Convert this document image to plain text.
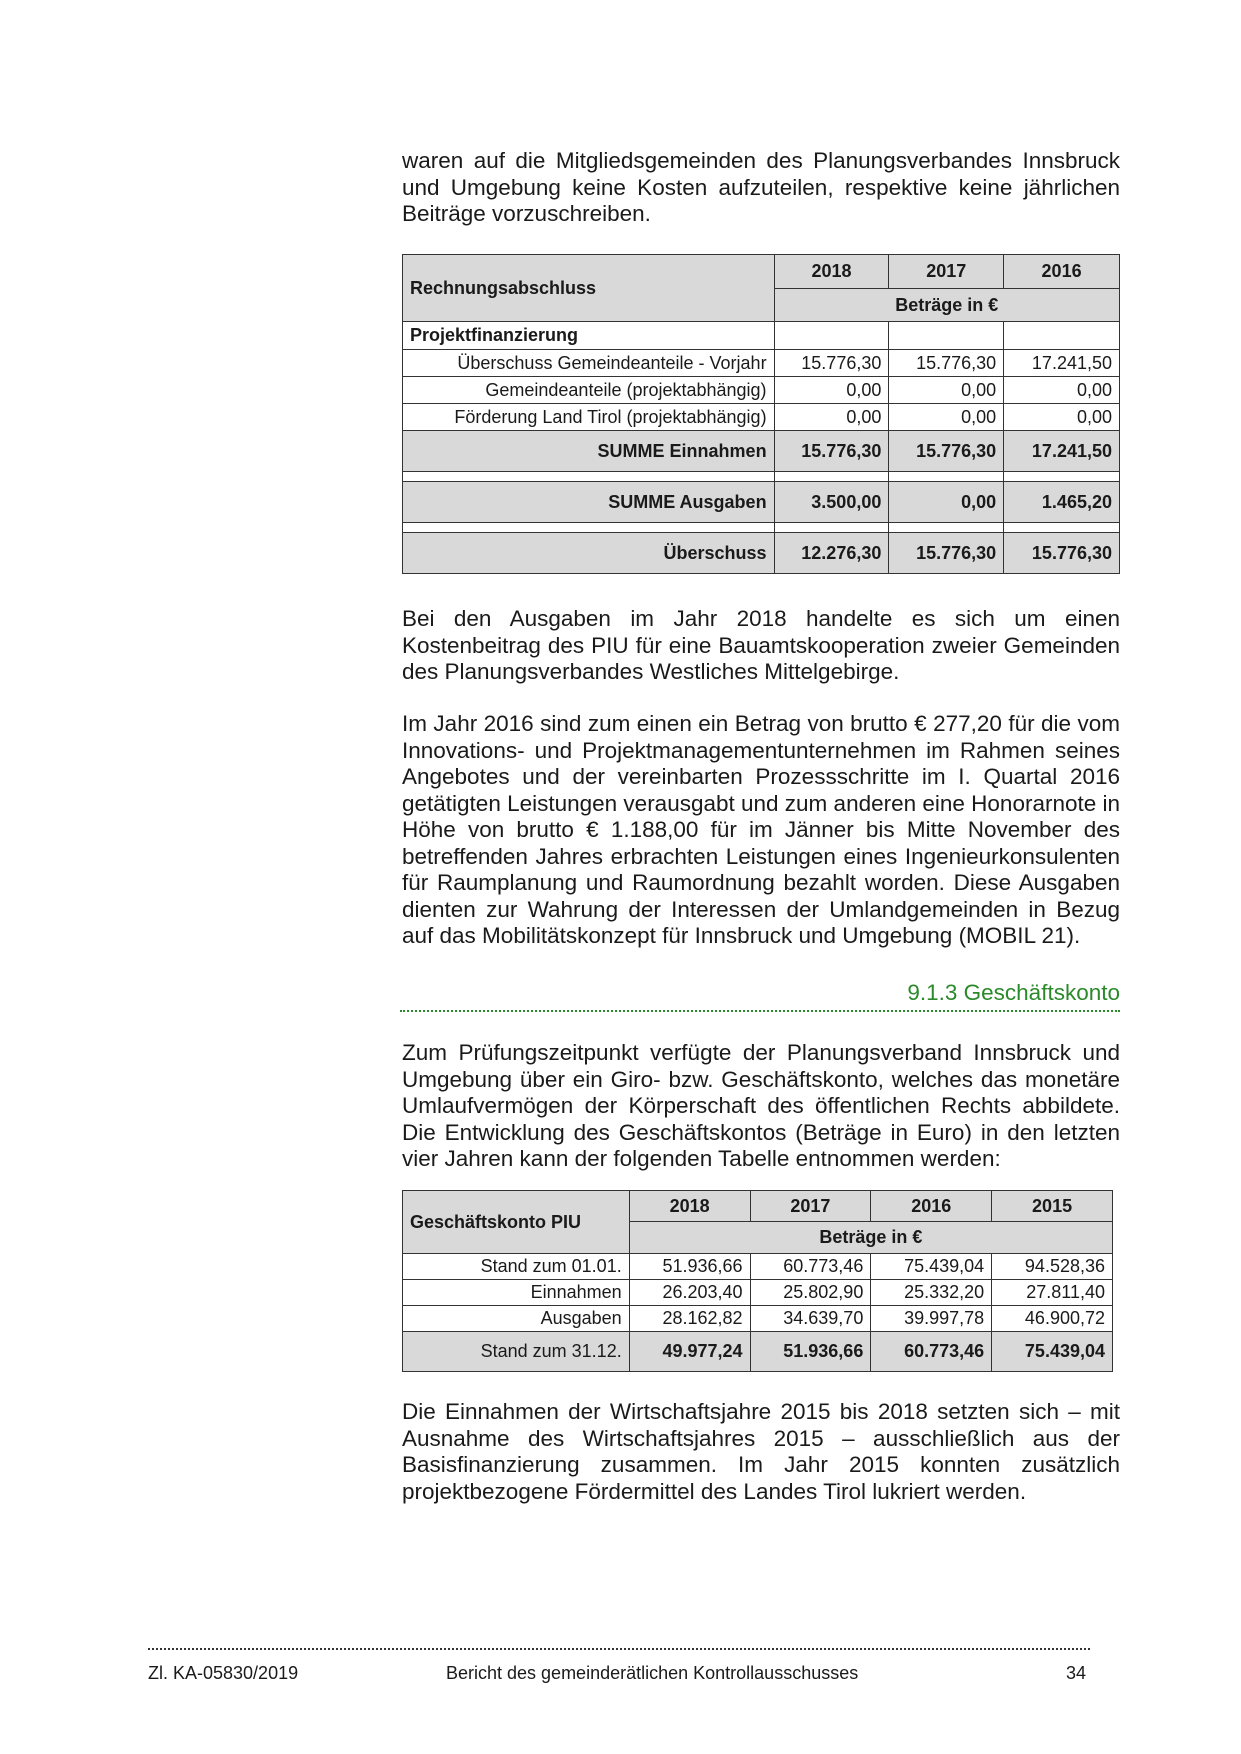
waren auf die Mitgliedsgemeinden des Planungsverbandes Innsbruck und Umgebung keine Kosten aufzuteilen, respektive keine jährlichen Beiträge vorzuschreiben.

Rechnungsabschluss	2018	2017	2016
	Beträge in €		
Projektfinanzierung			
Überschuss Gemeindeanteile - Vorjahr	15.776,30	15.776,30	17.241,50
Gemeindeanteile (projektabhängig)	0,00	0,00	0,00
Förderung Land Tirol (projektabhängig)	0,00	0,00	0,00
SUMME Einnahmen	15.776,30	15.776,30	17.241,50

SUMME Ausgaben	3.500,00	0,00	1.465,20

Überschuss	12.276,30	15.776,30	15.776,30

Bei den Ausgaben im Jahr 2018 handelte es sich um einen Kostenbeitrag des PIU für eine Bauamtskooperation zweier Gemeinden des Planungsverbandes Westliches Mittelgebirge.

Im Jahr 2016 sind zum einen ein Betrag von brutto € 277,20 für die vom Innovations- und Projektmanagementunternehmen im Rahmen seines Angebotes und der vereinbarten Prozessschritte im I. Quartal 2016 getätigten Leistungen verausgabt und zum anderen eine Honorarnote in Höhe von brutto € 1.188,00 für im Jänner bis Mitte November des betreffenden Jahres erbrachten Leistungen eines Ingenieurkonsulenten für Raumplanung und Raumordnung bezahlt worden. Diese Ausgaben dienten zur Wahrung der Interessen der Umlandgemeinden in Bezug auf das Mobilitätskonzept für Innsbruck und Umgebung (MOBIL 21).

9.1.3 Geschäftskonto

Zum Prüfungszeitpunkt verfügte der Planungsverband Innsbruck und Umgebung über ein Giro- bzw. Geschäftskonto, welches das monetäre Umlaufvermögen der Körperschaft des öffentlichen Rechts abbildete. Die Entwicklung des Geschäftskontos (Beträge in Euro) in den letzten vier Jahren kann der folgenden Tabelle entnommen werden:

Geschäftskonto PIU	2018	2017	2016	2015
	Beträge in €			
Stand zum 01.01.	51.936,66	60.773,46	75.439,04	94.528,36
Einnahmen	26.203,40	25.802,90	25.332,20	27.811,40
Ausgaben	28.162,82	34.639,70	39.997,78	46.900,72
Stand zum 31.12.	49.977,24	51.936,66	60.773,46	75.439,04

Die Einnahmen der Wirtschaftsjahre 2015 bis 2018 setzten sich – mit Ausnahme des Wirtschaftsjahres 2015 – ausschließlich aus der Basisfinanzierung zusammen. Im Jahr 2015 konnten zusätzlich projektbezogene Fördermittel des Landes Tirol lukriert werden.

Zl. KA-05830/2019	Bericht des gemeinderätlichen Kontrollausschusses	34
